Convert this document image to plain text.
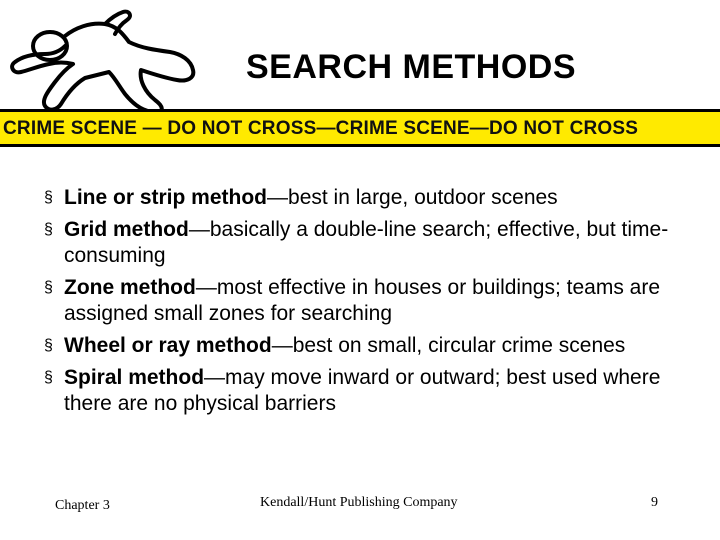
SEARCH METHODS
CRIME SCENE — DO NOT CROSS—CRIME SCENE—DO NOT CROSS
§ Line or strip method—best in large, outdoor scenes
§ Grid method—basically a double-line search; effective, but time-consuming
§ Zone method—most effective in houses or buildings; teams are assigned small zones for searching
§ Wheel or ray method—best on small, circular crime scenes
§ Spiral method—may move inward or outward; best used where there are no physical barriers
Chapter 3	Kendall/Hunt Publishing Company	9
